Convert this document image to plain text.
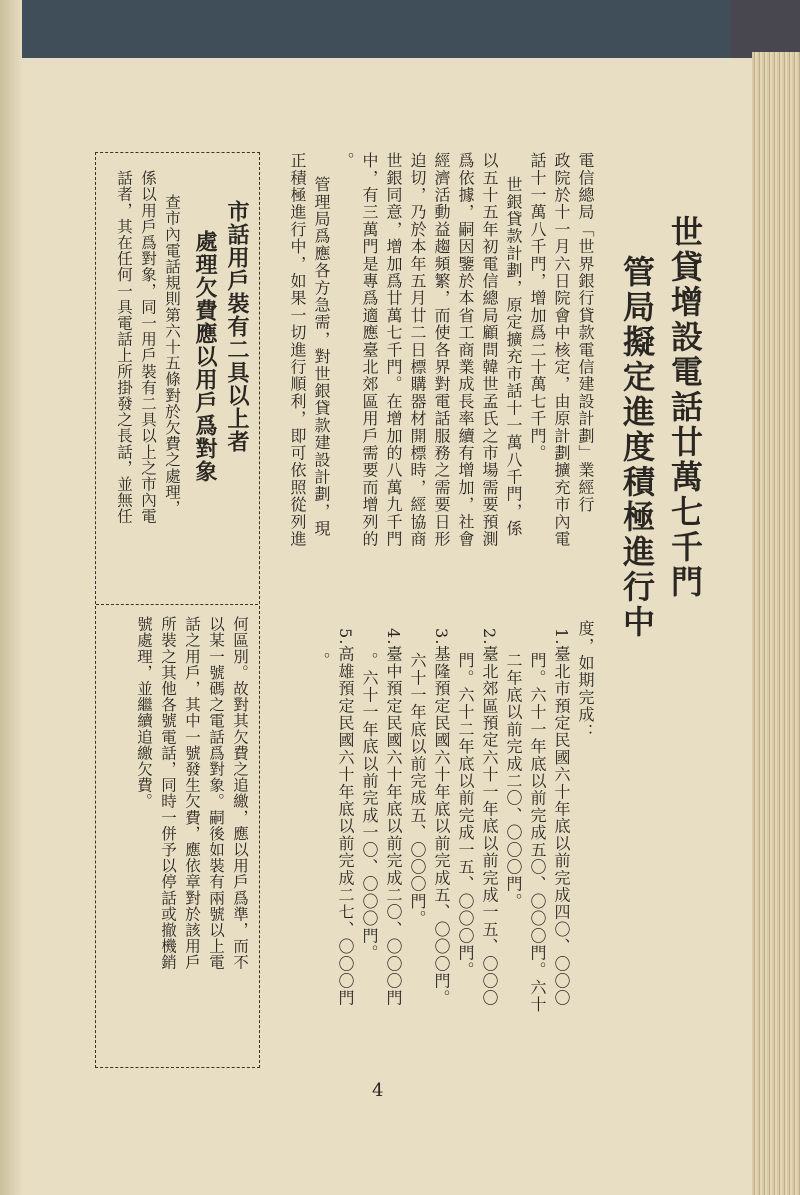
世貸增設電話廿萬七千門
管局擬定進度積極進行中
電信總局「世界銀行貸款電信建設計劃」業經行
政院於十一月六日院會中核定，由原計劃擴充市內電
話十一萬八千門，增加爲二十萬七千門。
世銀貸款計劃，原定擴充市話十一萬八千門，係
以五十五年初電信總局顧問韓世孟氏之市場需要預測
爲依據，嗣因鑒於本省工商業成長率續有增加，社會
經濟活動益趨頻繁，而使各界對電話服務之需要日形
迫切，乃於本年五月廿二日標購器材開標時，經協商
世銀同意，增加爲廿萬七千門。在增加的八萬九千門
中，有三萬門是專爲適應臺北郊區用戶需要而增列的
。
管理局爲應各方急需，對世銀貸款建設計劃，現
正積極進行中，如果一切進行順利，即可依照從列進
度，如期完成：
1.臺北市預定民國六十年底以前完成四〇、〇〇〇
門。六十一年底以前完成五〇、〇〇〇門。六十
二年底以前完成二〇、〇〇〇門。
2.臺北郊區預定六十一年底以前完成一五、〇〇〇
門。六十二年底以前完成一五、〇〇〇門。
3.基隆預定民國六十年底以前完成五、〇〇〇門。
六十一年底以前完成五、〇〇〇門。
4.臺中預定民國六十年底以前完成二〇、〇〇〇門
。六十一年底以前完成一〇、〇〇〇門。
5.高雄預定民國六十年底以前完成二七、〇〇〇門
。
市話用戶裝有二具以上者
處理欠費應以用戶爲對象
查市內電話規則第六十五條對於欠費之處理，
係以用戶爲對象，同一用戶裝有二具以上之市內電
話者，其在任何一具電話上所掛發之長話，並無任
何區別。故對其欠費之追繳，應以用戶爲準，而不
以某一號碼之電話爲對象。嗣後如裝有兩號以上電
話之用戶，其中一號發生欠費，應依章對於該用戶
所裝之其他各號電話，同時一併予以停話或撤機銷
號處理，並繼續追繳欠費。
4
